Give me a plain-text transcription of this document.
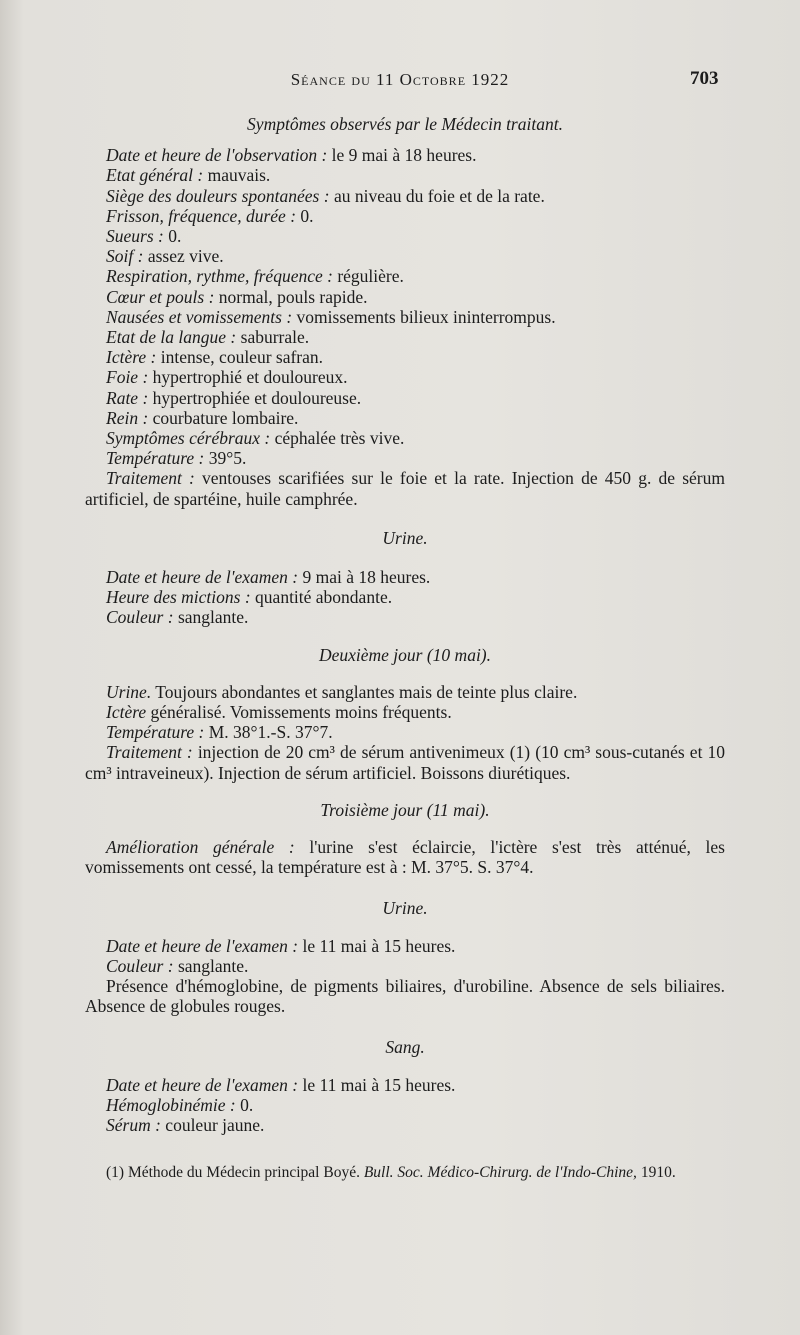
Séance du 11 Octobre 1922	703

Symptômes observés par le Médecin traitant.

Date et heure de l'observation : le 9 mai à 18 heures.

Etat général : mauvais.

Siège des douleurs spontanées : au niveau du foie et de la rate.

Frisson, fréquence, durée : 0.

Sueurs : 0.

Soif : assez vive.

Respiration, rythme, fréquence : régulière.

Cœur et pouls : normal, pouls rapide.

Nausées et vomissements : vomissements bilieux ininterrompus.

Etat de la langue : saburrale.

Ictère : intense, couleur safran.

Foie : hypertrophié et douloureux.

Rate : hypertrophiée et douloureuse.

Rein : courbature lombaire.

Symptômes cérébraux : céphalée très vive.

Température : 39°5.

Traitement : ventouses scarifiées sur le foie et la rate. Injection de 450 g. de sérum artificiel, de spartéine, huile camphrée.

Urine.

Date et heure de l'examen : 9 mai à 18 heures.

Heure des mictions : quantité abondante.

Couleur : sanglante.

Deuxième jour (10 mai).

Urine. Toujours abondantes et sanglantes mais de teinte plus claire.

Ictère généralisé. Vomissements moins fréquents.

Température : M. 38°1.-S. 37°7.

Traitement : injection de 20 cm³ de sérum antivenimeux (1) (10 cm³ sous-cutanés et 10 cm³ intraveineux). Injection de sérum artificiel. Boissons diurétiques.

Troisième jour (11 mai).

Amélioration générale : l'urine s'est éclaircie, l'ictère s'est très atténué, les vomissements ont cessé, la température est à : M. 37°5. S. 37°4.

Urine.

Date et heure de l'examen : le 11 mai à 15 heures.

Couleur : sanglante.

Présence d'hémoglobine, de pigments biliaires, d'urobiline. Absence de sels biliaires. Absence de globules rouges.

Sang.

Date et heure de l'examen : le 11 mai à 15 heures.

Hémoglobinémie : 0.

Sérum : couleur jaune.

(1) Méthode du Médecin principal Boyé. Bull. Soc. Médico-Chirurg. de l'Indo-Chine, 1910.
